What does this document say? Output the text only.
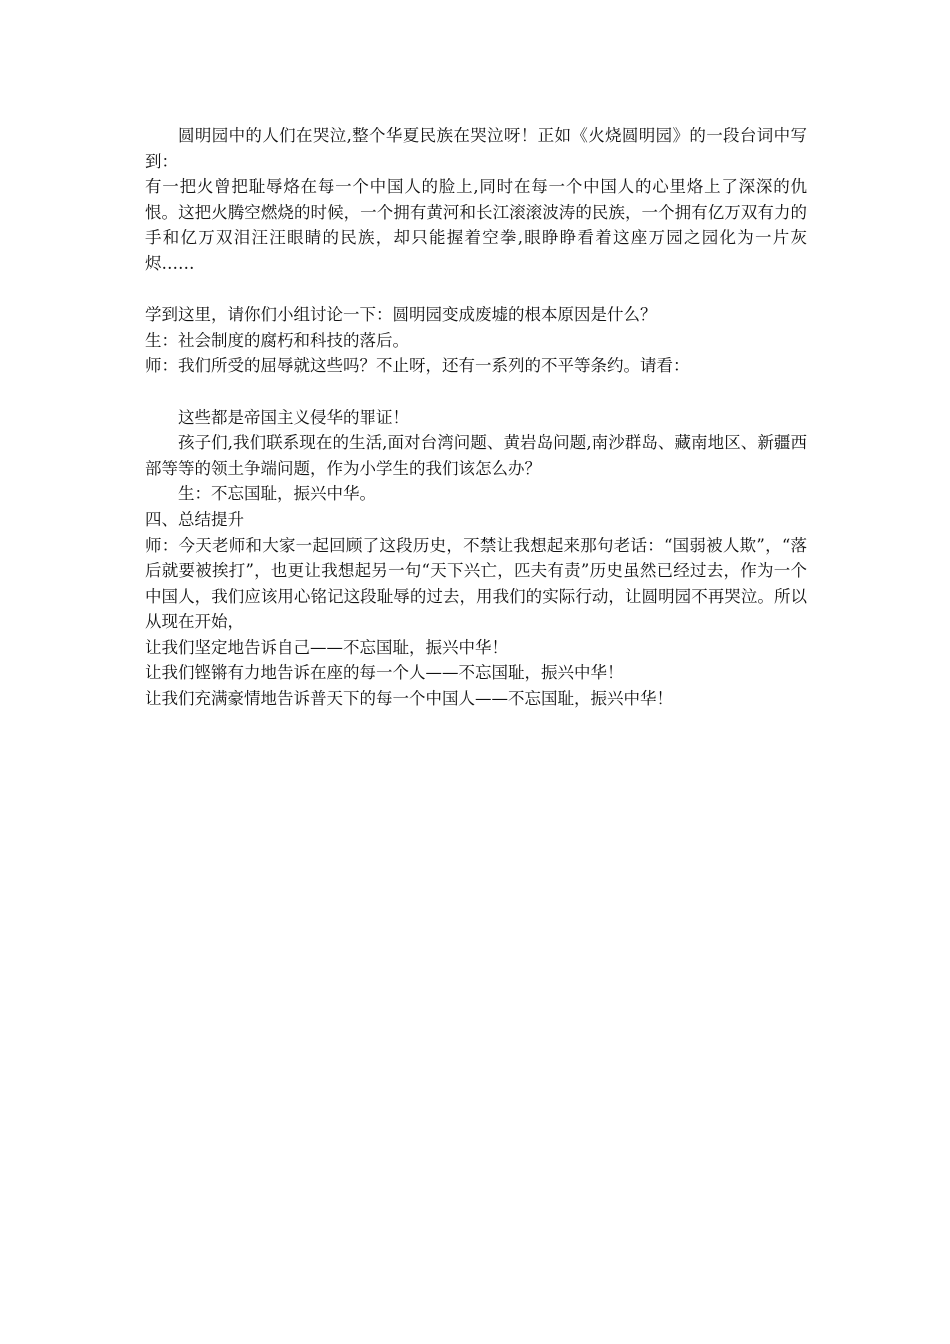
圆明园中的人们在哭泣,整个华夏民族在哭泣呀！正如《火烧圆明园》的一段台词中写到：

有一把火曾把耻辱烙在每一个中国人的脸上,同时在每一个中国人的心里烙上了深深的仇恨。这把火腾空燃烧的时候，一个拥有黄河和长江滚滚波涛的民族，一个拥有亿万双有力的手和亿万双泪汪汪眼睛的民族，却只能握着空拳,眼睁睁看着这座万园之园化为一片灰烬……

学到这里，请你们小组讨论一下：圆明园变成废墟的根本原因是什么？

生：社会制度的腐朽和科技的落后。

师：我们所受的屈辱就这些吗？不止呀，还有一系列的不平等条约。请看：

这些都是帝国主义侵华的罪证！

孩子们,我们联系现在的生活,面对台湾问题、黄岩岛问题,南沙群岛、藏南地区、新疆西部等等的领土争端问题，作为小学生的我们该怎么办？

生：不忘国耻，振兴中华。

四、总结提升

师：今天老师和大家一起回顾了这段历史，不禁让我想起来那句老话：“国弱被人欺”，“落后就要被挨打”，也更让我想起另一句“天下兴亡，匹夫有责”历史虽然已经过去，作为一个中国人，我们应该用心铭记这段耻辱的过去，用我们的实际行动，让圆明园不再哭泣。所以从现在开始，

让我们坚定地告诉自己——不忘国耻，振兴中华！

让我们铿锵有力地告诉在座的每一个人——不忘国耻，振兴中华！

让我们充满豪情地告诉普天下的每一个中国人——不忘国耻，振兴中华！
